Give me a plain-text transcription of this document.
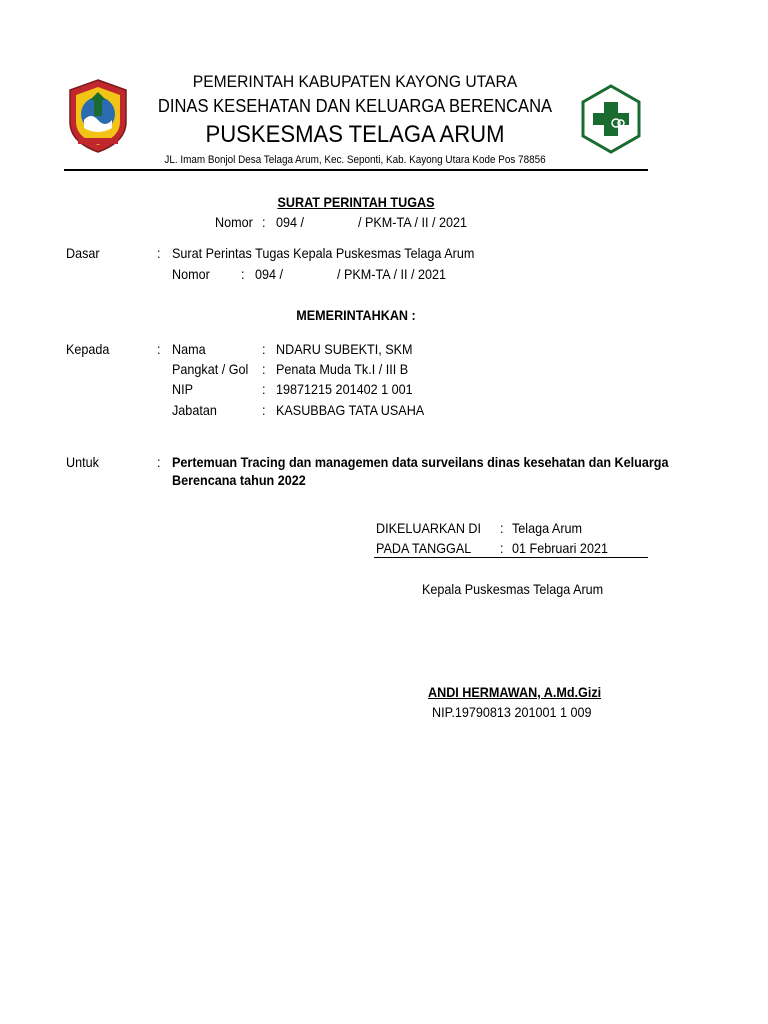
PEMERINTAH KABUPATEN KAYONG UTARA
DINAS KESEHATAN DAN KELUARGA BERENCANA
PUSKESMAS TELAGA ARUM
JL. Imam Bonjol Desa Telaga Arum, Kec. Seponti, Kab. Kayong Utara Kode Pos 78856
SURAT PERINTAH TUGAS
Nomor : 094 /	/ PKM-TA / II / 2021
Dasar	: Surat Perintas Tugas Kepala Puskesmas Telaga Arum
Nomor : 094 /	/ PKM-TA / II / 2021
MEMERINTAHKAN :
Kepada	: Nama	: NDARU SUBEKTI, SKM
Pangkat / Gol : Penata Muda Tk.I / III B
NIP	: 19871215 201402 1 001
Jabatan	: KASUBBAG TATA USAHA
Untuk	: Pertemuan Tracing dan managemen data surveilans dinas kesehatan dan Keluarga
Berencana tahun 2022
DIKELUARKAN DI : Telaga Arum
PADA TANGGAL : 01 Februari 2021
Kepala Puskesmas Telaga Arum
ANDI HERMAWAN, A.Md.Gizi
NIP.19790813 201001 1 009
